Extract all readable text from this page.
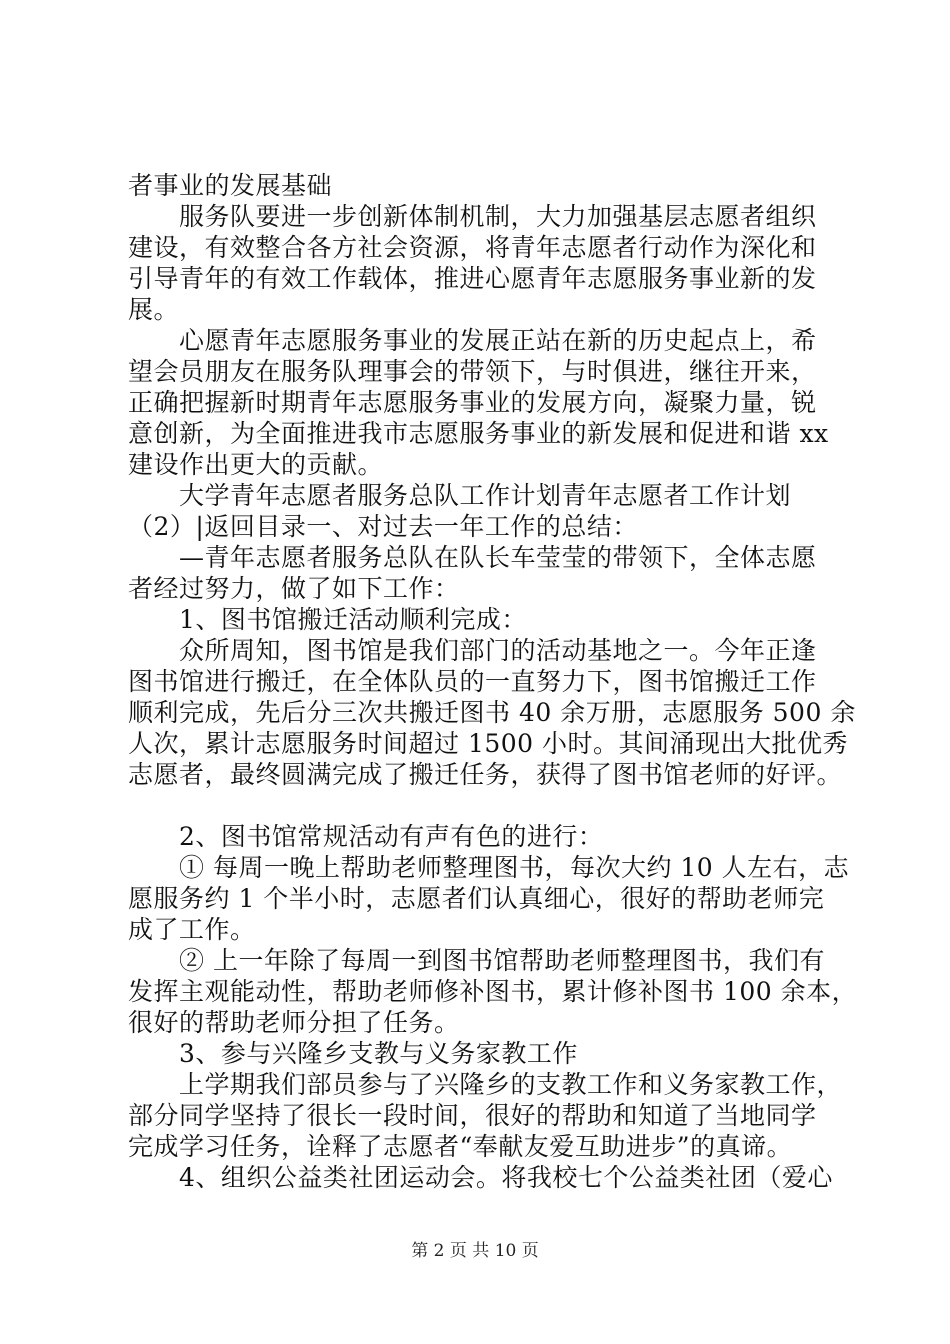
者事业的发展基础
　　服务队要进一步创新体制机制，大力加强基层志愿者组织
建设，有效整合各方社会资源，将青年志愿者行动作为深化和
引导青年的有效工作载体，推进心愿青年志愿服务事业新的发
展。
　　心愿青年志愿服务事业的发展正站在新的历史起点上，希
望会员朋友在服务队理事会的带领下，与时俱进，继往开来，
正确把握新时期青年志愿服务事业的发展方向，凝聚力量，锐
意创新，为全面推进我市志愿服务事业的新发展和促进和谐 xx
建设作出更大的贡献。
　　大学青年志愿者服务总队工作计划青年志愿者工作计划
（2）|返回目录一、对过去一年工作的总结：
　　—青年志愿者服务总队在队长车莹莹的带领下，全体志愿
者经过努力，做了如下工作：
　　1、图书馆搬迁活动顺利完成：
　　众所周知，图书馆是我们部门的活动基地之一。今年正逢
图书馆进行搬迁，在全体队员的一直努力下，图书馆搬迁工作
顺利完成，先后分三次共搬迁图书 40 余万册，志愿服务 500 余
人次，累计志愿服务时间超过 1500 小时。其间涌现出大批优秀
志愿者，最终圆满完成了搬迁任务，获得了图书馆老师的好评。
　　2、图书馆常规活动有声有色的进行：
　　① 每周一晚上帮助老师整理图书，每次大约 10 人左右，志
愿服务约 1 个半小时，志愿者们认真细心，很好的帮助老师完
成了工作。
　　② 上一年除了每周一到图书馆帮助老师整理图书，我们有
发挥主观能动性，帮助老师修补图书，累计修补图书 100 余本，
很好的帮助老师分担了任务。
　　3、参与兴隆乡支教与义务家教工作
　　上学期我们部员参与了兴隆乡的支教工作和义务家教工作，
部分同学坚持了很长一段时间，很好的帮助和知道了当地同学
完成学习任务，诠释了志愿者“奉献友爱互助进步”的真谛。
　　4、组织公益类社团运动会。将我校七个公益类社团（爱心
第 2 页 共 10 页
